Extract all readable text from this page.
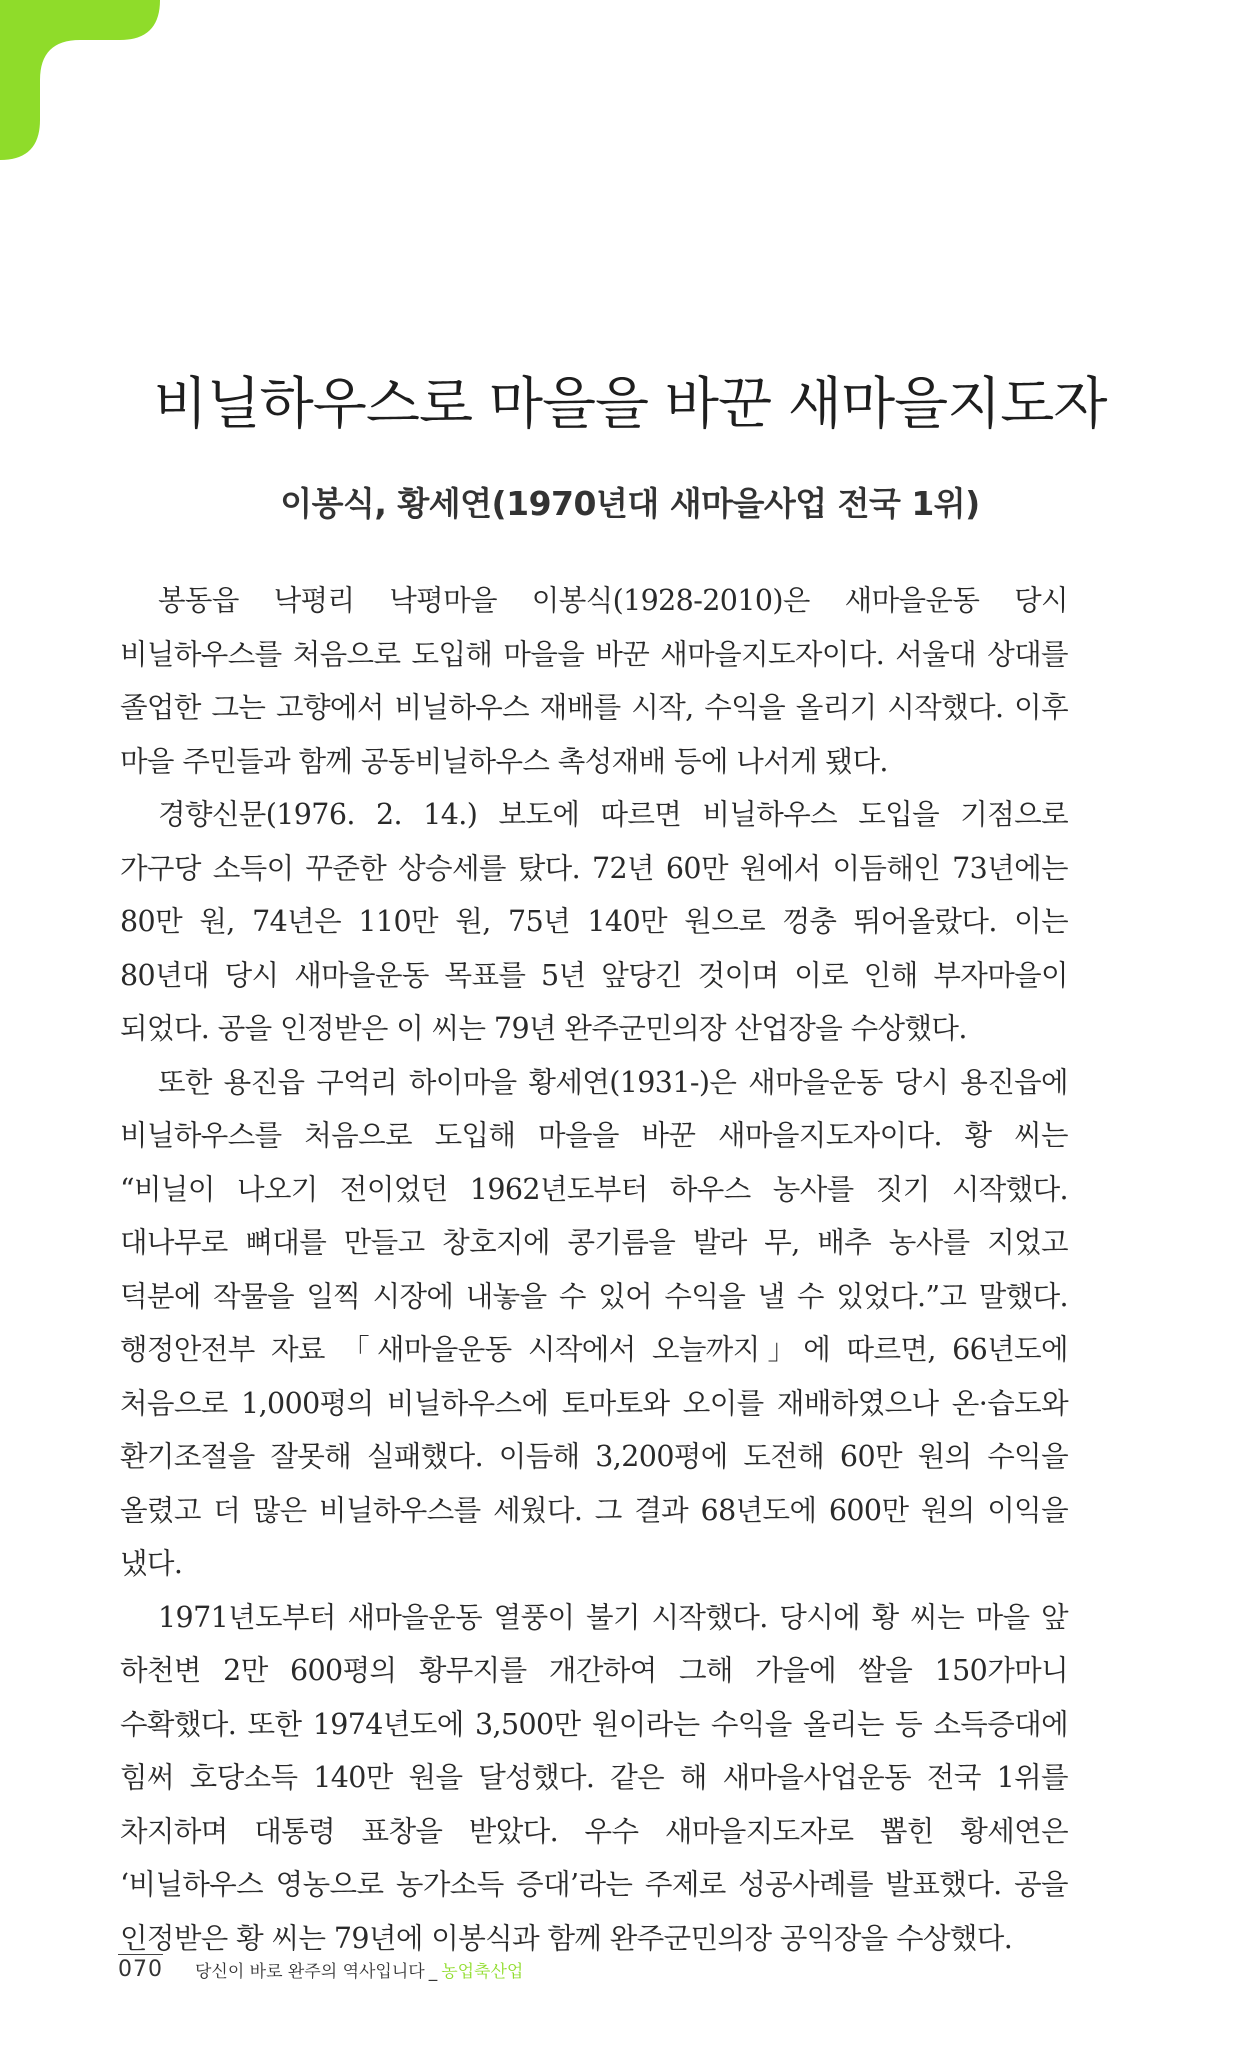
비닐하우스로 마을을 바꾼 새마을지도자
이봉식, 황세연(1970년대 새마을사업 전국 1위)

봉동읍 낙평리 낙평마을 이봉식(1928-2010)은 새마을운동 당시 비닐하우스를 처음으로 도입해 마을을 바꾼 새마을지도자이다. 서울대 상대를 졸업한 그는 고향에서 비닐하우스 재배를 시작, 수익을 올리기 시작했다. 이후 마을 주민들과 함께 공동비닐하우스 촉성재배 등에 나서게 됐다.

경향신문(1976. 2. 14.) 보도에 따르면 비닐하우스 도입을 기점으로 가구당 소득이 꾸준한 상승세를 탔다. 72년 60만 원에서 이듬해인 73년에는 80만 원, 74년은 110만 원, 75년 140만 원으로 껑충 뛰어올랐다. 이는 80년대 당시 새마을운동 목표를 5년 앞당긴 것이며 이로 인해 부자마을이 되었다. 공을 인정받은 이 씨는 79년 완주군민의장 산업장을 수상했다.

또한 용진읍 구억리 하이마을 황세연(1931-)은 새마을운동 당시 용진읍에 비닐하우스를 처음으로 도입해 마을을 바꾼 새마을지도자이다. 황 씨는 “비닐이 나오기 전이었던 1962년도부터 하우스 농사를 짓기 시작했다. 대나무로 뼈대를 만들고 창호지에 콩기름을 발라 무, 배추 농사를 지었고 덕분에 작물을 일찍 시장에 내놓을 수 있어 수익을 낼 수 있었다.”고 말했다. 행정안전부 자료 「새마을운동 시작에서 오늘까지」에 따르면, 66년도에 처음으로 1,000평의 비닐하우스에 토마토와 오이를 재배하였으나 온·습도와 환기조절을 잘못해 실패했다. 이듬해 3,200평에 도전해 60만 원의 수익을 올렸고 더 많은 비닐하우스를 세웠다. 그 결과 68년도에 600만 원의 이익을 냈다.

1971년도부터 새마을운동 열풍이 불기 시작했다. 당시에 황 씨는 마을 앞 하천변 2만 600평의 황무지를 개간하여 그해 가을에 쌀을 150가마니 수확했다. 또한 1974년도에 3,500만 원이라는 수익을 올리는 등 소득증대에 힘써 호당소득 140만 원을 달성했다. 같은 해 새마을사업운동 전국 1위를 차지하며 대통령 표창을 받았다. 우수 새마을지도자로 뽑힌 황세연은 ‘비닐하우스 영농으로 농가소득 증대’라는 주제로 성공사례를 발표했다. 공을 인정받은 황 씨는 79년에 이봉식과 함께 완주군민의장 공익장을 수상했다.

070 당신이 바로 완주의 역사입니다 _ 농업축산업
